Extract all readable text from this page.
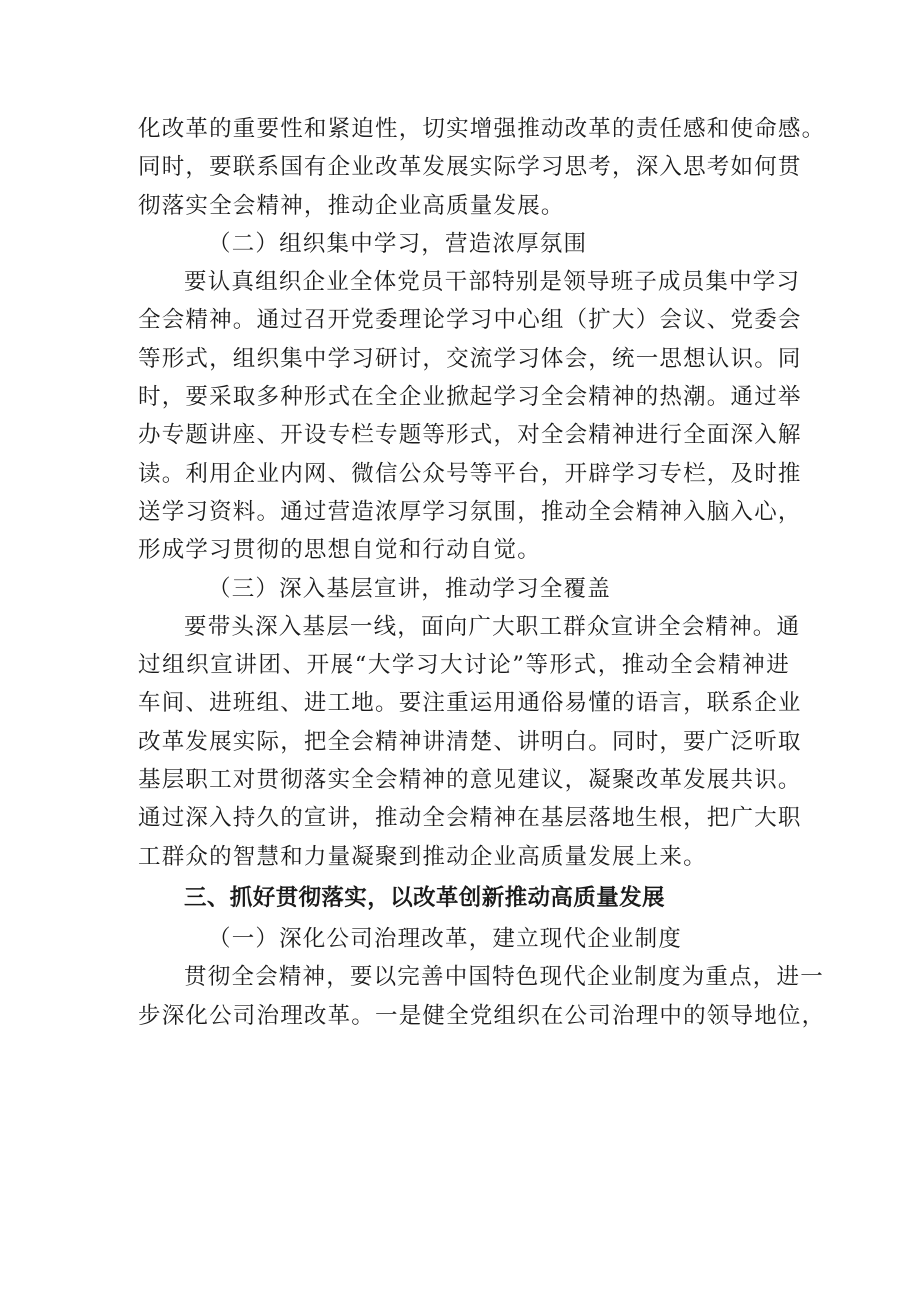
化改革的重要性和紧迫性，切实增强推动改革的责任感和使命感。
同时，要联系国有企业改革发展实际学习思考，深入思考如何贯
彻落实全会精神，推动企业高质量发展。
（二）组织集中学习，营造浓厚氛围
要认真组织企业全体党员干部特别是领导班子成员集中学习
全会精神。通过召开党委理论学习中心组（扩大）会议、党委会
等形式，组织集中学习研讨，交流学习体会，统一思想认识。同
时，要采取多种形式在全企业掀起学习全会精神的热潮。通过举
办专题讲座、开设专栏专题等形式，对全会精神进行全面深入解
读。利用企业内网、微信公众号等平台，开辟学习专栏，及时推
送学习资料。通过营造浓厚学习氛围，推动全会精神入脑入心，
形成学习贯彻的思想自觉和行动自觉。
（三）深入基层宣讲，推动学习全覆盖
要带头深入基层一线，面向广大职工群众宣讲全会精神。通
过组织宣讲团、开展“大学习大讨论”等形式，推动全会精神进
车间、进班组、进工地。要注重运用通俗易懂的语言，联系企业
改革发展实际，把全会精神讲清楚、讲明白。同时，要广泛听取
基层职工对贯彻落实全会精神的意见建议，凝聚改革发展共识。
通过深入持久的宣讲，推动全会精神在基层落地生根，把广大职
工群众的智慧和力量凝聚到推动企业高质量发展上来。
三、抓好贯彻落实，以改革创新推动高质量发展
（一）深化公司治理改革，建立现代企业制度
贯彻全会精神，要以完善中国特色现代企业制度为重点，进一
步深化公司治理改革。一是健全党组织在公司治理中的领导地位，
